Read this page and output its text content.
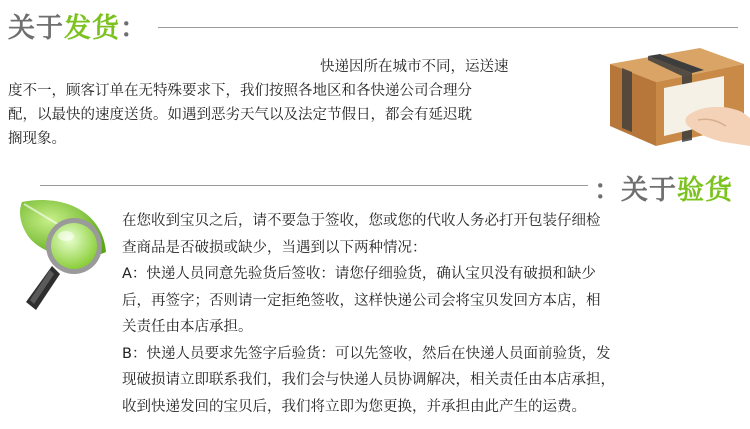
关于 发货 ：
快递因所在城市不同，运送速
度不一，顾客订单在无特殊要求下，我们按照各地区和各快递公司合理分
配，以最快的速度送货。如遇到恶劣天气以及法定节假日，都会有延迟耽
搁现象。
： 关于 验货
在您收到宝贝之后，请不要急于签收，您或您的代收人务必打开包装仔细检
查商品是否破损或缺少，当遇到以下两种情况：
A：快递人员同意先验货后签收：请您仔细验货，确认宝贝没有破损和缺少
后，再签字；否则请一定拒绝签收，这样快递公司会将宝贝发回方本店，相
关责任由本店承担。
B：快递人员要求先签字后验货：可以先签收，然后在快递人员面前验货，发
现破损请立即联系我们，我们会与快递人员协调解决，相关责任由本店承担，
收到快递发回的宝贝后，我们将立即为您更换，并承担由此产生的运费。
